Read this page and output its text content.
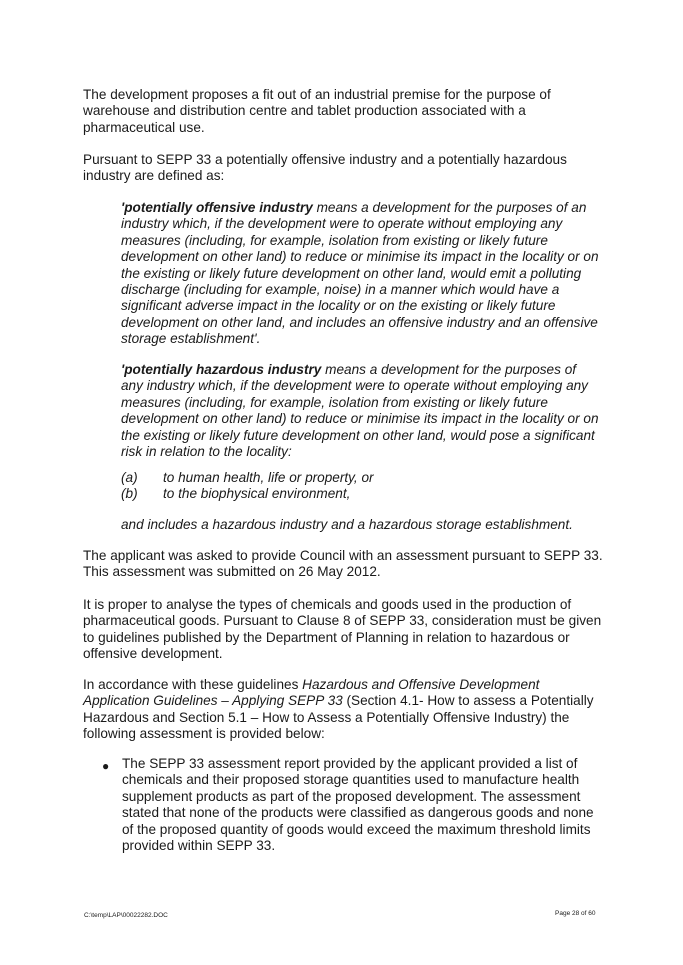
The development proposes a fit out of an industrial premise for the purpose of warehouse and distribution centre and tablet production associated with a pharmaceutical use.

Pursuant to SEPP 33 a potentially offensive industry and a potentially hazardous industry are defined as:

'potentially offensive industry means a development for the purposes of an industry which, if the development were to operate without employing any measures (including, for example, isolation from existing or likely future development on other land) to reduce or minimise its impact in the locality or on the existing or likely future development on other land, would emit a polluting discharge (including for example, noise) in a manner which would have a significant adverse impact in the locality or on the existing or likely future development on other land, and includes an offensive industry and an offensive storage establishment'.

'potentially hazardous industry means a development for the purposes of any industry which, if the development were to operate without employing any measures (including, for example, isolation from existing or likely future development on other land) to reduce or minimise its impact in the locality or on the existing or likely future development on other land, would pose a significant risk in relation to the locality:

(a) to human health, life or property, or
(b) to the biophysical environment,

and includes a hazardous industry and a hazardous storage establishment.

The applicant was asked to provide Council with an assessment pursuant to SEPP 33. This assessment was submitted on 26 May 2012.

It is proper to analyse the types of chemicals and goods used in the production of pharmaceutical goods. Pursuant to Clause 8 of SEPP 33, consideration must be given to guidelines published by the Department of Planning in relation to hazardous or offensive development.

In accordance with these guidelines Hazardous and Offensive Development Application Guidelines – Applying SEPP 33 (Section 4.1- How to assess a Potentially Hazardous and Section 5.1 – How to Assess a Potentially Offensive Industry) the following assessment is provided below:

● The SEPP 33 assessment report provided by the applicant provided a list of chemicals and their proposed storage quantities used to manufacture health supplement products as part of the proposed development. The assessment stated that none of the products were classified as dangerous goods and none of the proposed quantity of goods would exceed the maximum threshold limits provided within SEPP 33.

C:\temp\LAP\00022282.DOC	Page 28 of 60
